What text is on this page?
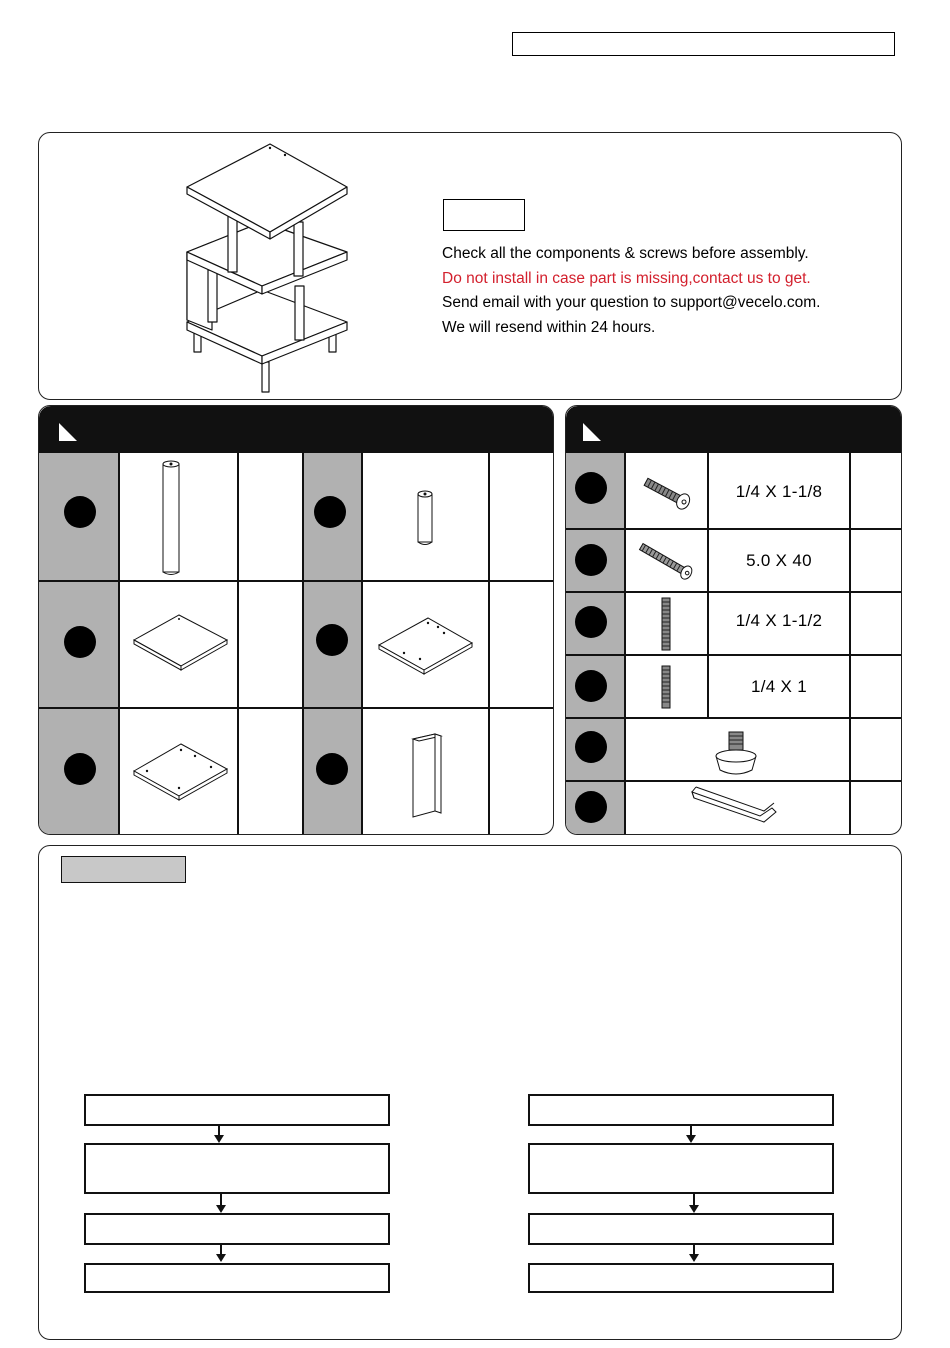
Check all the components & screws before assembly.

Do not install in case part is missing,contact us to get.

Send email with your question to support@vecelo.com.

We will resend within 24 hours.

1/4 X 1-1/8
5.0 X 40
1/4 X 1-1/2
1/4 X 1
